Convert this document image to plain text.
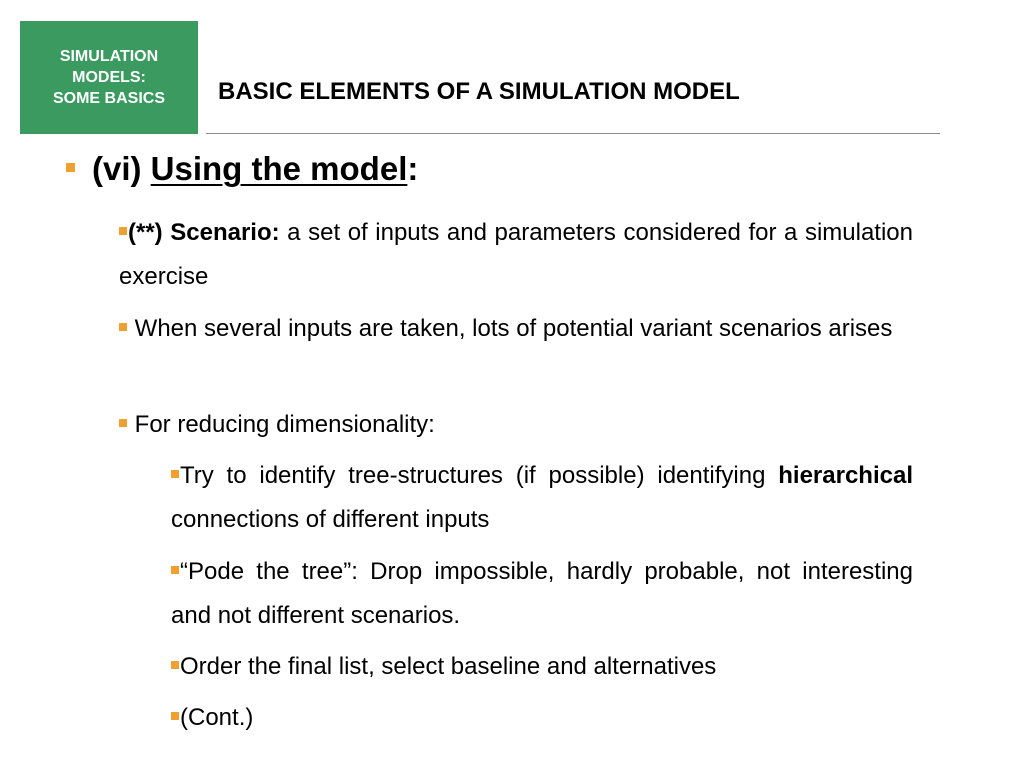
SIMULATION
MODELS:
SOME BASICS BASIC ELEMENTS OF A SIMULATION MODEL
(vi) Using the model:
(**) Scenario: a set of inputs and parameters considered for a simulation exercise
When several inputs are taken, lots of potential variant scenarios arises
For reducing dimensionality:
Try to identify tree-structures (if possible) identifying hierarchical connections of different inputs
“Pode the tree”: Drop impossible, hardly probable, not interesting and not different scenarios.
Order the final list, select baseline and alternatives
(Cont.)
